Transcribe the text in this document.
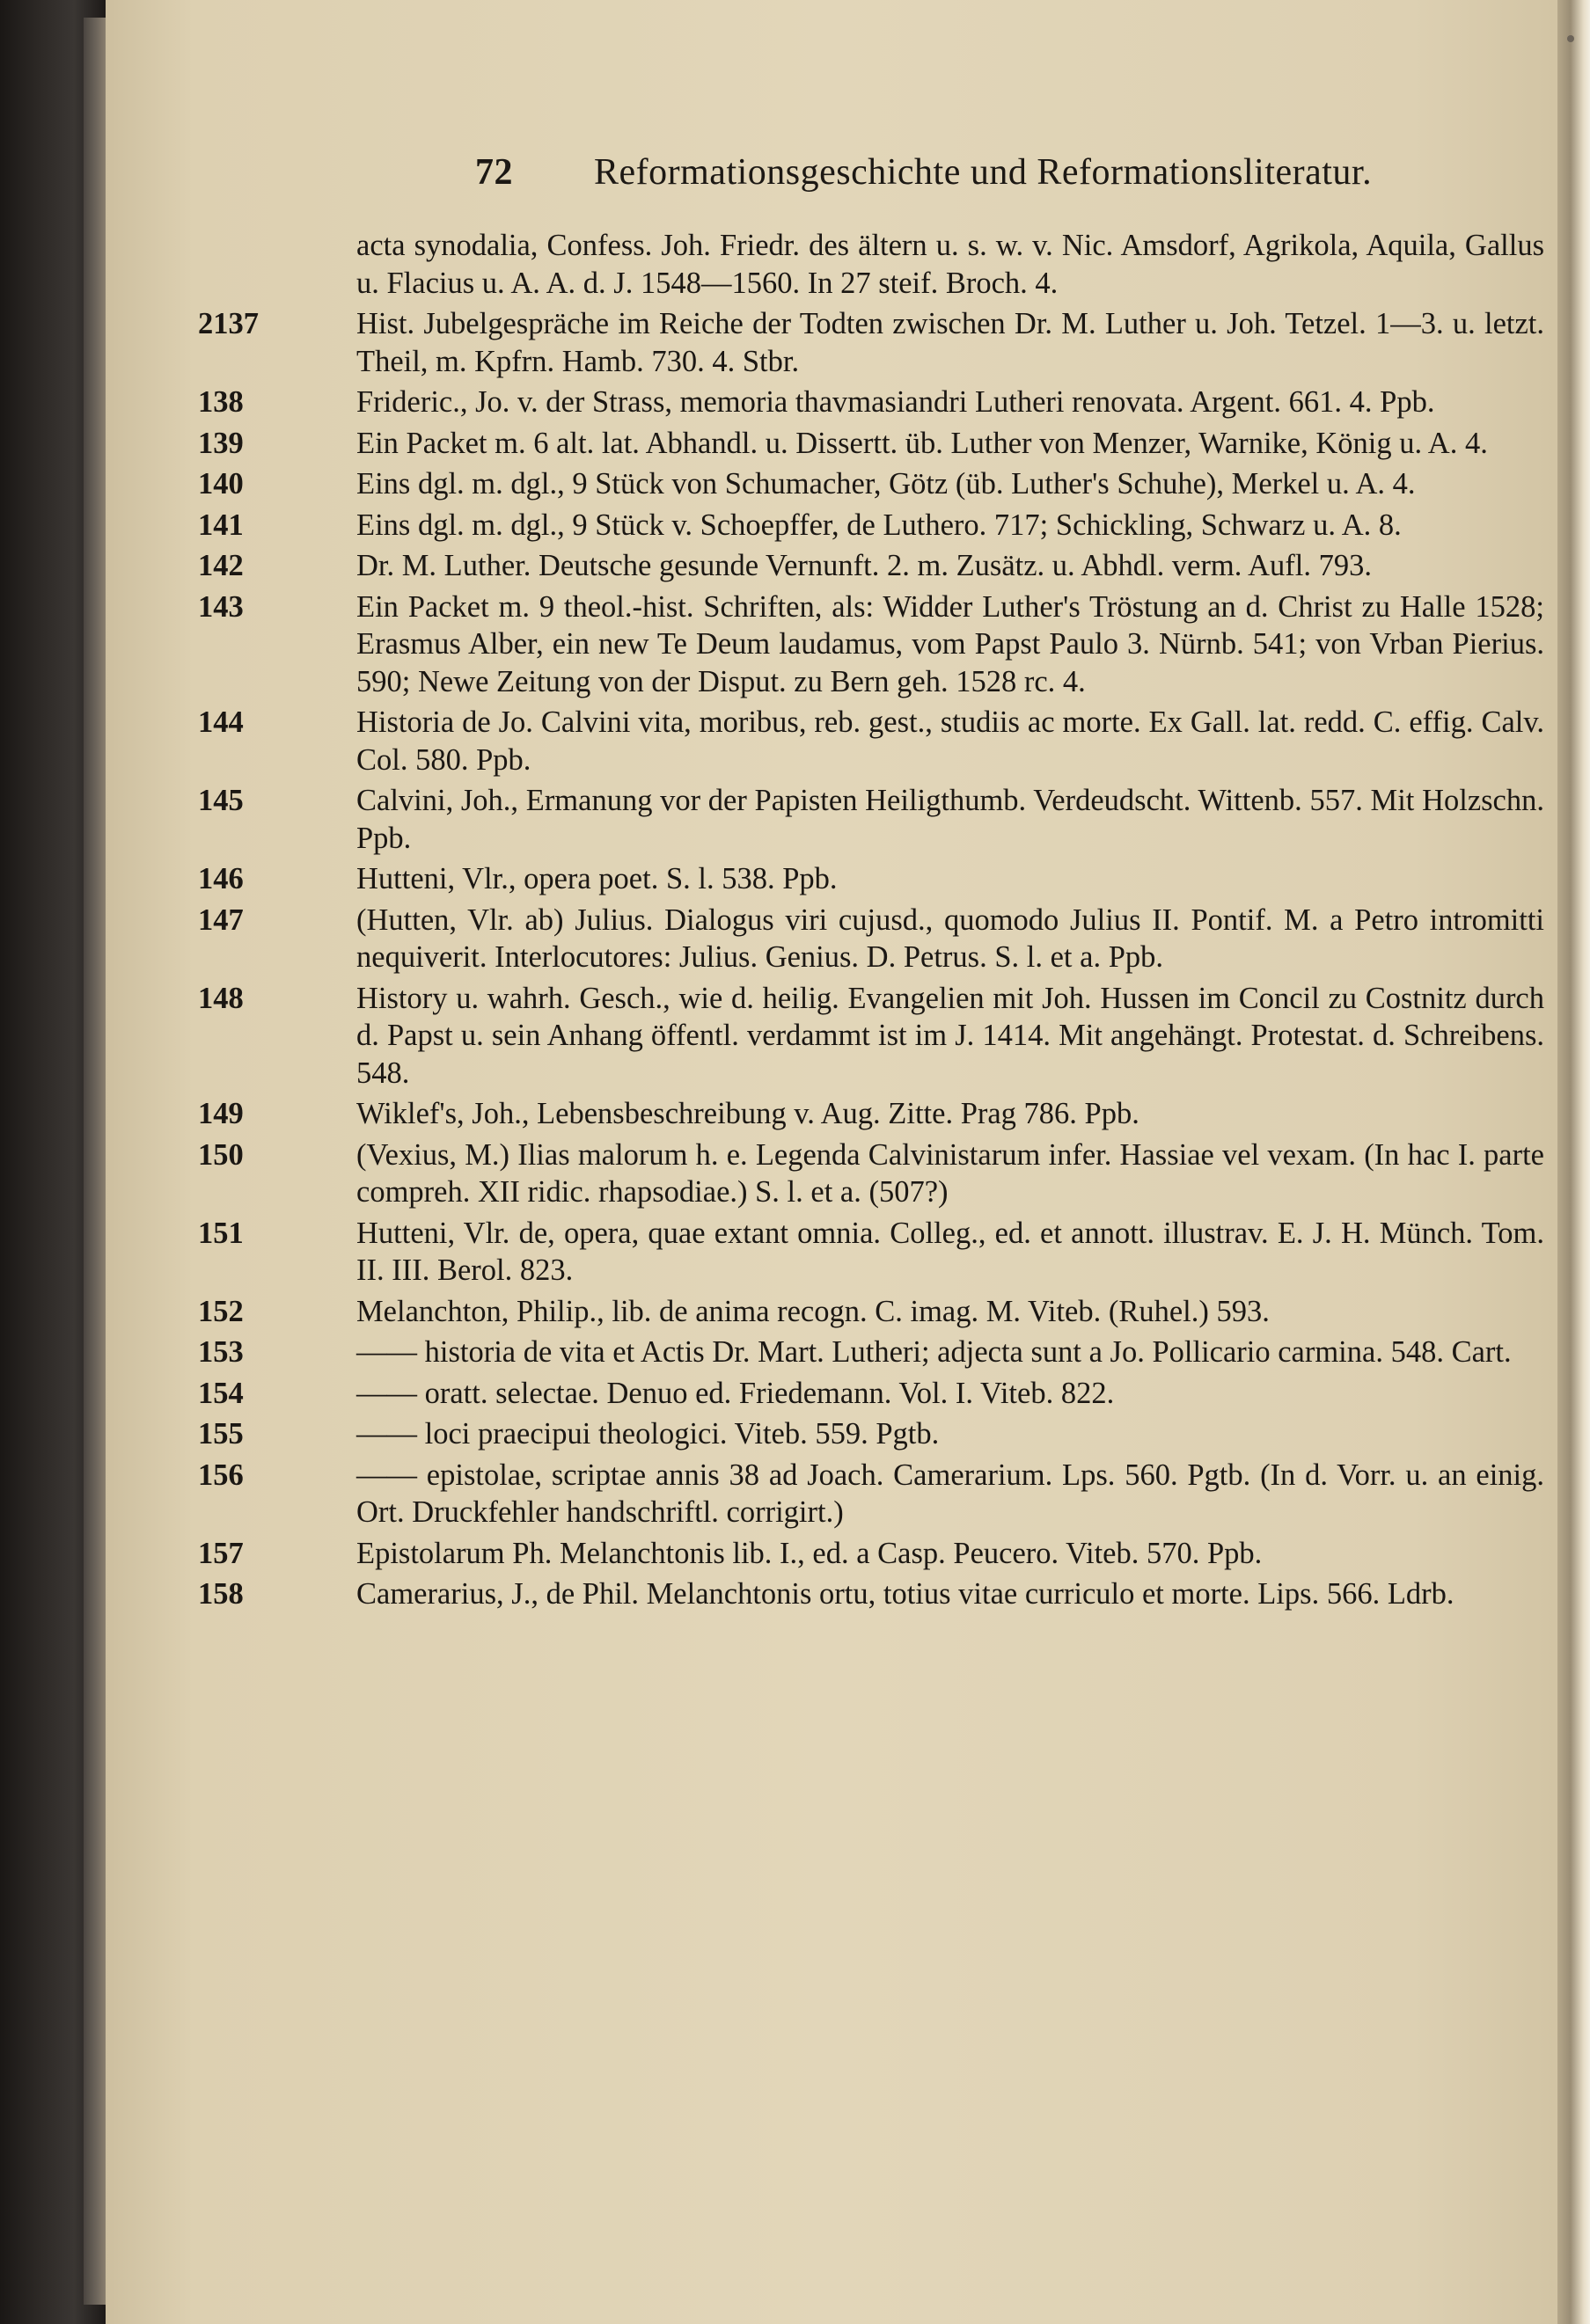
72 Reformationsgeschichte und Reformationsliteratur.
acta synodalia, Confess. Joh. Friedr. des ältern u. s. w. v. Nic. Amsdorf, Agrikola, Aquila, Gallus u. Flacius u. A. A. d. J. 1548—1560. In 27 steif. Broch. 4.
2137	Hist. Jubelgespräche im Reiche der Todten zwischen Dr. M. Luther u. Joh. Tetzel. 1—3. u. letzt. Theil, m. Kpfrn. Hamb. 730. 4. Stbr.
138	Frideric., Jo. v. der Strass, memoria thavmasiandri Lutheri renovata. Argent. 661. 4. Ppb.
139	Ein Packet m. 6 alt. lat. Abhandl. u. Dissertt. üb. Luther von Menzer, Warnike, König u. A. 4.
140	Eins dgl. m. dgl., 9 Stück von Schumacher, Götz (üb. Luther's Schuhe), Merkel u. A. 4.
141	Eins dgl. m. dgl., 9 Stück v. Schoepffer, de Luthero. 717; Schickling, Schwarz u. A. 8.
142	Dr. M. Luther. Deutsche gesunde Vernunft. 2. m. Zusätz. u. Abhdl. verm. Aufl. 793.
143	Ein Packet m. 9 theol.-hist. Schriften, als: Widder Luther's Tröstung an d. Christ zu Halle 1528; Erasmus Alber, ein new Te Deum laudamus, vom Papst Paulo 3. Nürnb. 541; von Vrban Pierius. 590; Newe Zeitung von der Disput. zu Bern geh. 1528 rc. 4.
144	Historia de Jo. Calvini vita, moribus, reb. gest., studiis ac morte. Ex Gall. lat. redd. C. effig. Calv. Col. 580. Ppb.
145	Calvini, Joh., Ermanung vor der Papisten Heiligthumb. Verdeudscht. Wittenb. 557. Mit Holzschn. Ppb.
146	Hutteni, Vlr., opera poet. S. l. 538. Ppb.
147	(Hutten, Vlr. ab) Julius. Dialogus viri cujusd., quomodo Julius II. Pontif. M. a Petro intromitti nequiverit. Interlocutores: Julius. Genius. D. Petrus. S. l. et a. Ppb.
148	History u. wahrh. Gesch., wie d. heilig. Evangelien mit Joh. Hussen im Concil zu Costnitz durch d. Papst u. sein Anhang öffentl. verdammt ist im J. 1414. Mit angehängt. Protestat. d. Schreibens. 548.
149	Wiklef's, Joh., Lebensbeschreibung v. Aug. Zitte. Prag 786. Ppb.
150	(Vexius, M.) Ilias malorum h. e. Legenda Calvinistarum infer. Hassiae vel vexam. (In hac I. parte compreh. XII ridic. rhapsodiae.) S. l. et a. (507?)
151	Hutteni, Vlr. de, opera, quae extant omnia. Colleg., ed. et annott. illustrav. E. J. H. Münch. Tom. II. III. Berol. 823.
152	Melanchton, Philip., lib. de anima recogn. C. imag. M. Viteb. (Ruhel.) 593.
153	—— historia de vita et Actis Dr. Mart. Lutheri; adjecta sunt a Jo. Pollicario carmina. 548. Cart.
154	—— oratt. selectae. Denuo ed. Friedemann. Vol. I. Viteb. 822.
155	—— loci praecipui theologici. Viteb. 559. Pgtb.
156	—— epistolae, scriptae annis 38 ad Joach. Camerarium. Lps. 560. Pgtb. (In d. Vorr. u. an einig. Ort. Druckfehler handschriftl. corrigirt.)
157	Epistolarum Ph. Melanchtonis lib. I., ed. a Casp. Peucero. Viteb. 570. Ppb.
158	Camerarius, J., de Phil. Melanchtonis ortu, totius vitae curriculo et morte. Lips. 566. Ldrb.
